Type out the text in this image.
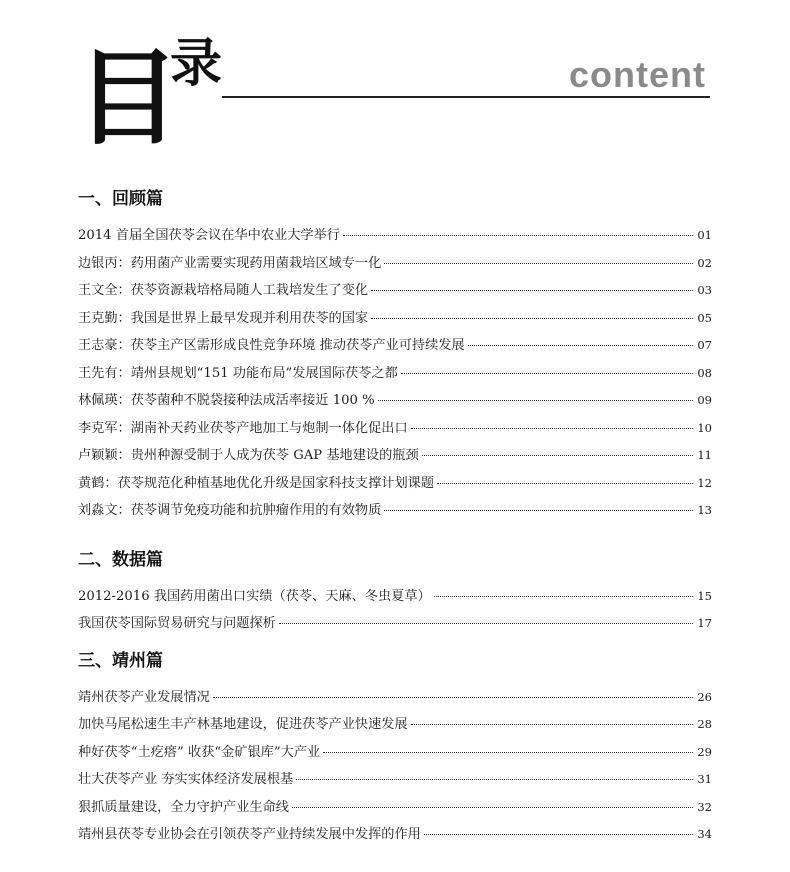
目
录	content
一、回顾篇
2014 首届全国茯苓会议在华中农业大学举行	01
边银丙： 药用菌产业需要实现药用菌栽培区域专一化	02
王文全： 茯苓资源栽培格局随人工栽培发生了变化	03
王克勤： 我国是世界上最早发现并利用茯苓的国家	05
王志豪： 茯苓主产区需形成良性竞争环境 推动茯苓产业可持续发展	07
王先有： 靖州县规划“151 功能布局”发展国际茯苓之都	08
林佩瑛： 茯苓菌种不脱袋接种法成活率接近 100 %	09
李克军： 湖南补天药业茯苓产地加工与炮制一体化促出口	10
卢颖颖： 贵州种源受制于人成为茯苓 GAP 基地建设的瓶颈	11
黄鹤： 茯苓规范化种植基地优化升级是国家科技支撑计划课题	12
刘淼文： 茯苓调节免疫功能和抗肿瘤作用的有效物质	13
二、数据篇
2012-2016 我国药用菌出口实绩（茯苓、天麻、冬虫夏草）	15
我国茯苓国际贸易研究与问题探析	17
三、靖州篇
靖州茯苓产业发展情况	26
加快马尾松速生丰产林基地建设，促进茯苓产业快速发展	28
种好茯苓“土疙瘩” 收获“金矿银库”大产业	29
壮大茯苓产业 夯实实体经济发展根基	31
狠抓质量建设，全力守护产业生命线	32
靖州县茯苓专业协会在引领茯苓产业持续发展中发挥的作用	34
